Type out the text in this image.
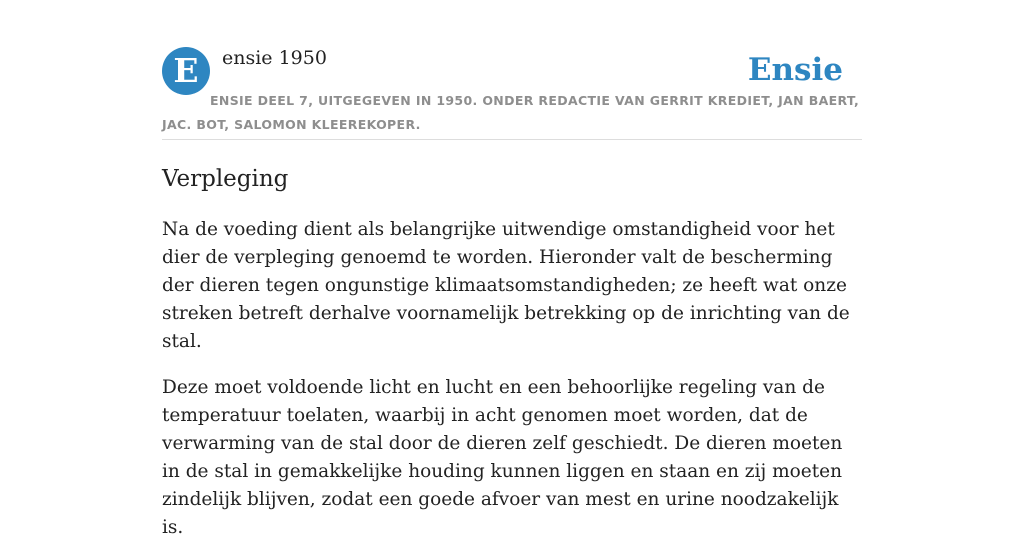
E	ensie 1950	Ensie
ENSIE DEEL 7, UITGEGEVEN IN 1950. ONDER REDACTIE VAN GERRIT KREDIET, JAN BAERT, JAC. BOT, SALOMON KLEEREKOPER.
Verpleging

Na de voeding dient als belangrijke uitwendige omstandigheid voor het dier de verpleging genoemd te worden. Hieronder valt de bescherming der dieren tegen ongunstige klimaatsomstandigheden; ze heeft wat onze streken betreft derhalve voornamelijk betrekking op de inrichting van de stal.

Deze moet voldoende licht en lucht en een behoorlijke regeling van de temperatuur toelaten, waarbij in acht genomen moet worden, dat de verwarming van de stal door de dieren zelf geschiedt. De dieren moeten in de stal in gemakkelijke houding kunnen liggen en staan en zij moeten zindelijk blijven, zodat een goede afvoer van mest en urine noodzakelijk is.
